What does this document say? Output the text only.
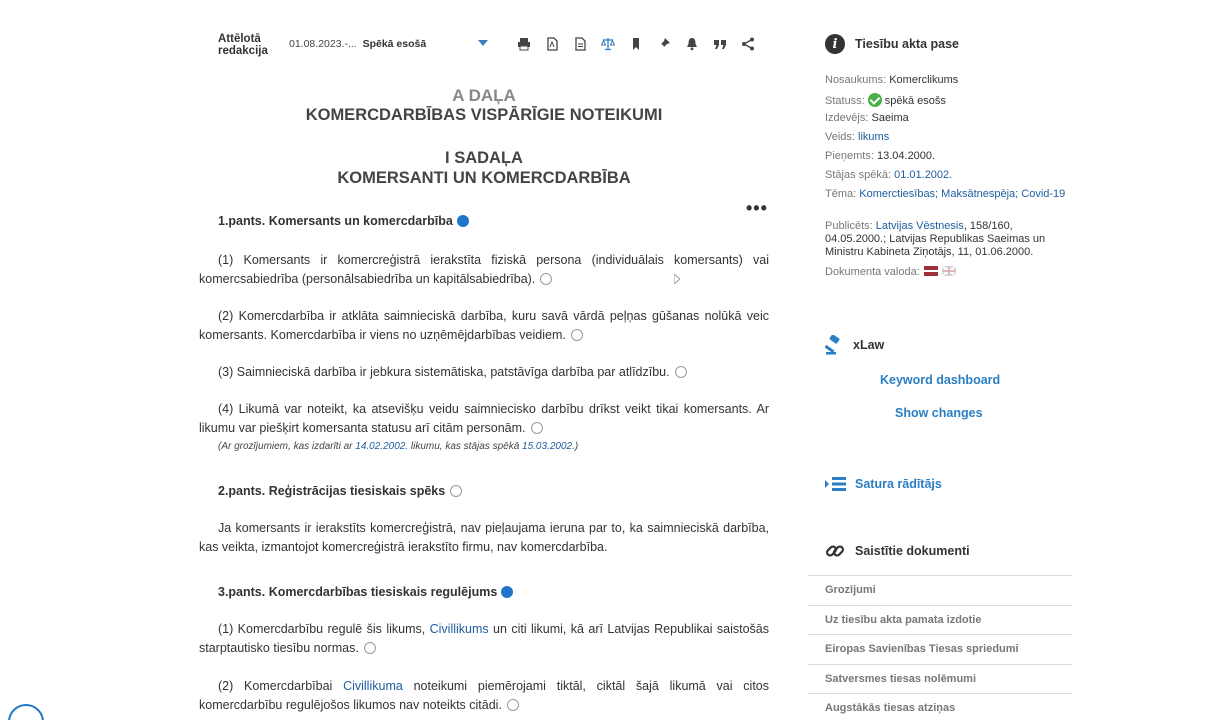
Attēlotā
redakcija
01.08.2023.-... Spēkā esošā
A DAĻA
KOMERCDARBĪBAS VISPĀRĪGIE NOTEIKUMI
I SADAĻA
KOMERSANTI UN KOMERCDARBĪBA
•••
1.pants. Komersants un komercdarbība
(1) Komersants ir komercreģistrā ierakstīta fiziskā persona (individuālais komersants) vai komercsabiedrība (personālsabiedrība un kapitālsabiedrība).
(2) Komercdarbība ir atklāta saimnieciskā darbība, kuru savā vārdā peļņas gūšanas nolūkā veic komersants. Komercdarbība ir viens no uzņēmējdarbības veidiem.
(3) Saimnieciskā darbība ir jebkura sistemātiska, patstāvīga darbība par atlīdzību.
(4) Likumā var noteikt, ka atsevišķu veidu saimniecisko darbību drīkst veikt tikai komersants. Ar likumu var piešķirt komersanta statusu arī citām personām.
(Ar grozījumiem, kas izdarīti ar 14.02.2002. likumu, kas stājas spēkā 15.03.2002.)
2.pants. Reģistrācijas tiesiskais spēks
Ja komersants ir ierakstīts komercreģistrā, nav pieļaujama ieruna par to, ka saimnieciskā darbība, kas veikta, izmantojot komercreģistrā ierakstīto firmu, nav komercdarbība.
3.pants. Komercdarbības tiesiskais regulējums
(1) Komercdarbību regulē šis likums, Civillikums un citi likumi, kā arī Latvijas Republikai saistošās starptautisko tiesību normas.
(2) Komercdarbībai Civillikuma noteikumi piemērojami tiktāl, ciktāl šajā likumā vai citos komercdarbību regulējošos likumos nav noteikts citādi.
i	Tiesību akta pase
Nosaukums: Komerclikums
Statuss: spēkā esošs
Izdevējs: Saeima
Veids: likums
Pieņemts: 13.04.2000.
Stājas spēkā: 01.01.2002.
Tēma: Komerctiesības; Maksātnespēja; Covid-19
Publicēts: Latvijas Vēstnesis, 158/160, 04.05.2000.; Latvijas Republikas Saeimas un Ministru Kabineta Ziņotājs, 11, 01.06.2000.
Dokumenta valoda:
xLaw
Keyword dashboard
Show changes
Satura rādītājs
Saistītie dokumenti
Grozījumi
Uz tiesību akta pamata izdotie
Eiropas Savienības Tiesas spriedumi
Satversmes tiesas nolēmumi
Augstākās tiesas atziņas
